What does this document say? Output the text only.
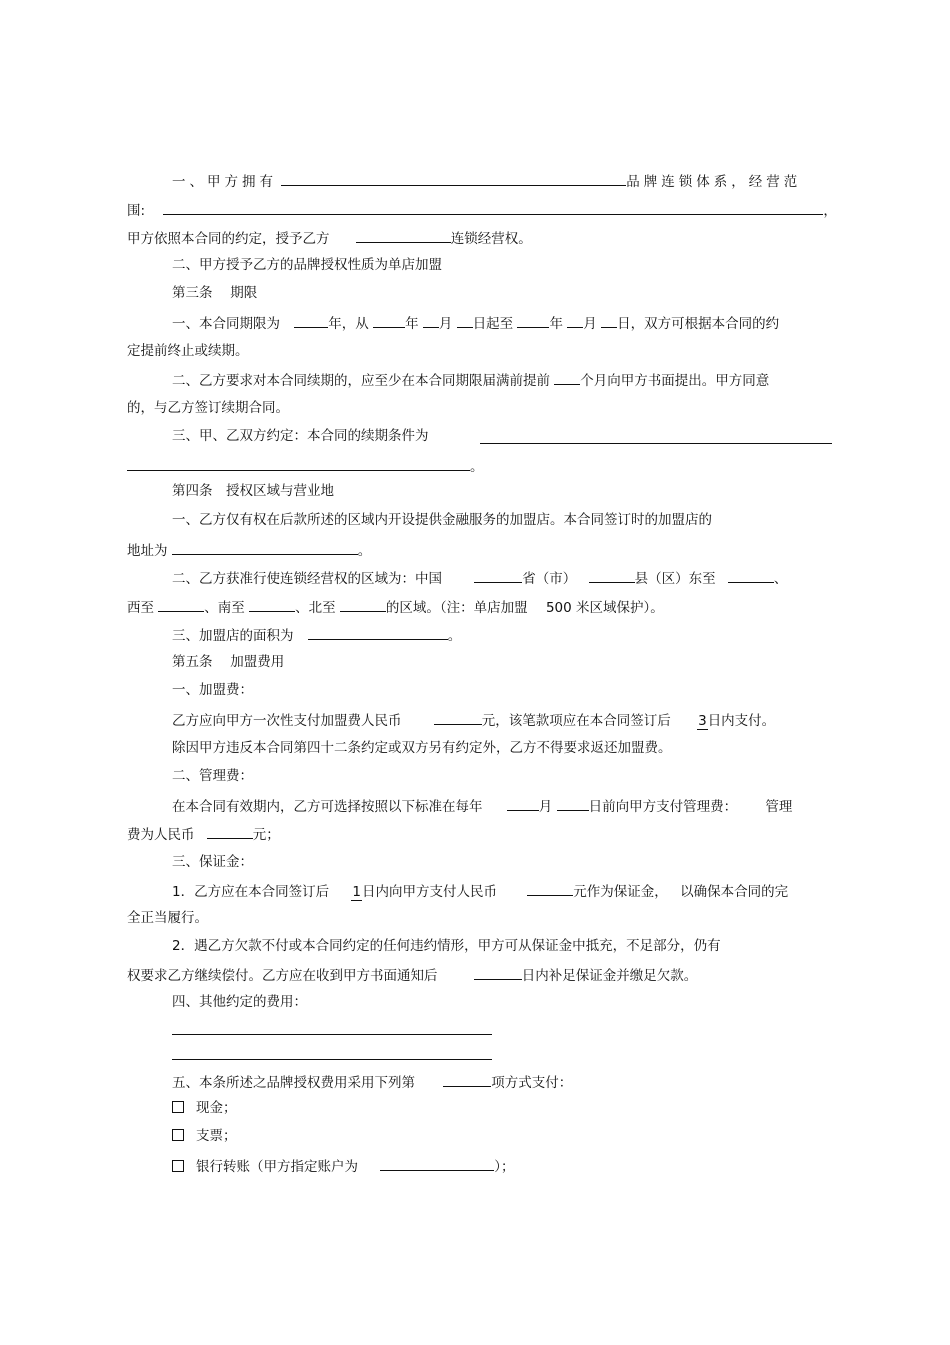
一、甲方拥有	品牌连锁体系，经营范
围:	，
甲方依照本合同的约定，授予乙方	连锁经营权。
二、甲方授予乙方的品牌授权性质为单店加盟
第三条　 期限
一、本合同期限为	年，从	年 月 日起至	年 月 日，双方可根据本合同的约
定提前终止或续期。
二、乙方要求对本合同续期的，应至少在本合同期限届满前提前 个月向甲方书面提出。甲方同意
的，与乙方签订续期合同。
三、甲、乙双方约定：本合同的续期条件为
。
第四条　授权区域与营业地
一、乙方仅有权在后款所述的区域内开设提供金融服务的加盟店。本合同签订时的加盟店的
地址为	。
二、乙方获准行使连锁经营权的区域为：中国	省（市）	县（区）东至	、
西至	、南至	、北至	的区域。（注：单店加盟 500 米区域保护）。
三、加盟店的面积为	。
第五条　 加盟费用
一、加盟费：
乙方应向甲方一次性支付加盟费人民币	元，该笔款项应在本合同签订后 3日内支付。
除因甲方违反本合同第四十二条约定或双方另有约定外，乙方不得要求返还加盟费。
二、管理费：
在本合同有效期内，乙方可选择按照以下标准在每年	月	日前向甲方支付管理费： 管理
费为人民币	元；
三、保证金：
1．乙方应在本合同签订后 1日内向甲方支付人民币	元作为保证金， 以确保本合同的完
全正当履行。
2．遇乙方欠款不付或本合同约定的任何违约情形，甲方可从保证金中抵充，不足部分，仍有
权要求乙方继续偿付。乙方应在收到甲方书面通知后	日内补足保证金并缴足欠款。
四、其他约定的费用：
五、本条所述之品牌授权费用采用下列第	项方式支付：
现金；
支票；
银行转账（甲方指定账户为	）；
